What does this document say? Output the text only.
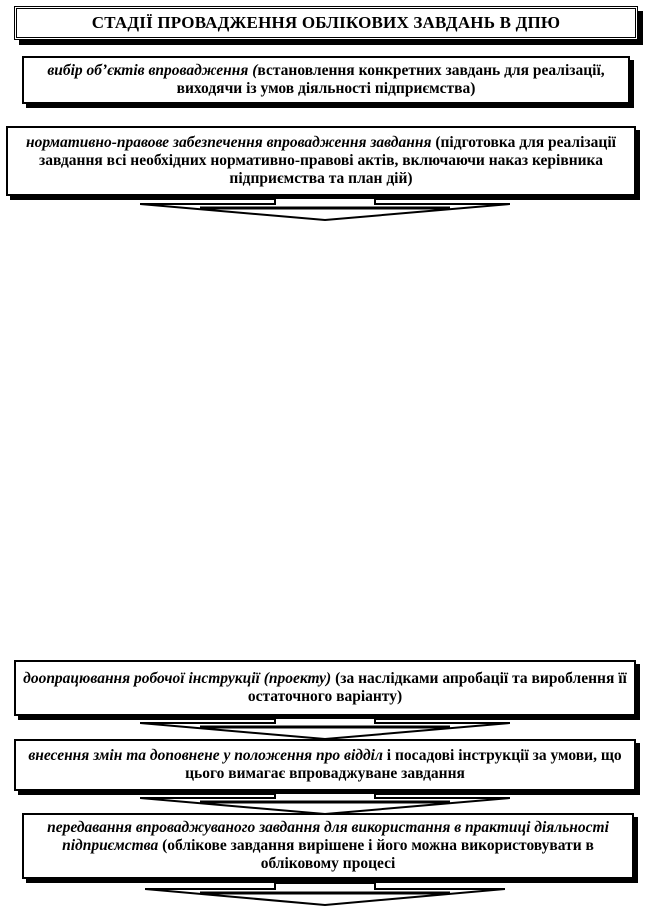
СТАДІЇ ПРОВАДЖЕННЯ ОБЛІКОВИХ ЗАВДАНЬ В ДПЮ
вибір об’єктів впровадження (встановлення конкретних завдань для реалізації, виходячи із умов діяльності підприємства)
нормативно-правове забезпечення впровадження завдання (підготовка для реалізації завдання всі необхідних нормативно-правові актів, включаючи наказ керівника підприємства та план дій)
доопрацювання робочої інструкції (проекту) (за наслідками апробації та вироблення її остаточного варіанту)
внесення змін та доповнене у положення про відділ і посадові інструкції за умови, що цього вимагає впроваджуване завдання
передавання впроваджуваного завдання для використання в практиці діяльності підприємства (облікове завдання вирішене і його можна використовувати в обліковому процесі
